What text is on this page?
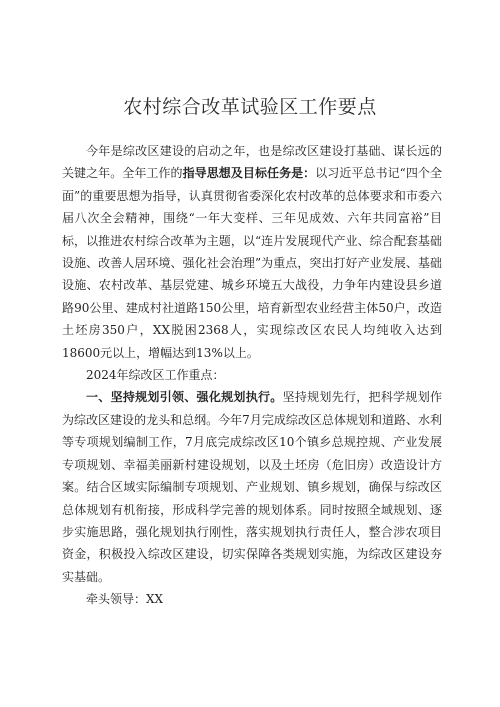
农村综合改革试验区工作要点

今年是综改区建设的启动之年，也是综改区建设打基础、谋长远的关键之年。全年工作的指导思想及目标任务是：以习近平总书记“四个全面”的重要思想为指导，认真贯彻省委深化农村改革的总体要求和市委六届八次全会精神，围绕“一年大变样、三年见成效、六年共同富裕”目标，以推进农村综合改革为主题，以“连片发展现代产业、综合配套基础设施、改善人居环境、强化社会治理”为重点，突出打好产业发展、基础设施、农村改革、基层党建、城乡环境五大战役，力争年内建设县乡道路90公里、建成村社道路150公里，培育新型农业经营主体50户，改造土坯房350户，XX脱困2368人，实现综改区农民人均纯收入达到18600元以上，增幅达到13%以上。

2024年综改区工作重点：

一、坚持规划引领、强化规划执行。坚持规划先行，把科学规划作为综改区建设的龙头和总纲。今年7月完成综改区总体规划和道路、水利等专项规划编制工作，7月底完成综改区10个镇乡总规控规、产业发展专项规划、幸福美丽新村建设规划，以及土坯房（危旧房）改造设计方案。结合区域实际编制专项规划、产业规划、镇乡规划，确保与综改区总体规划有机衔接，形成科学完善的规划体系。同时按照全域规划、逐步实施思路，强化规划执行刚性，落实规划执行责任人，整合涉农项目资金，积极投入综改区建设，切实保障各类规划实施，为综改区建设夯实基础。

牵头领导：XX
